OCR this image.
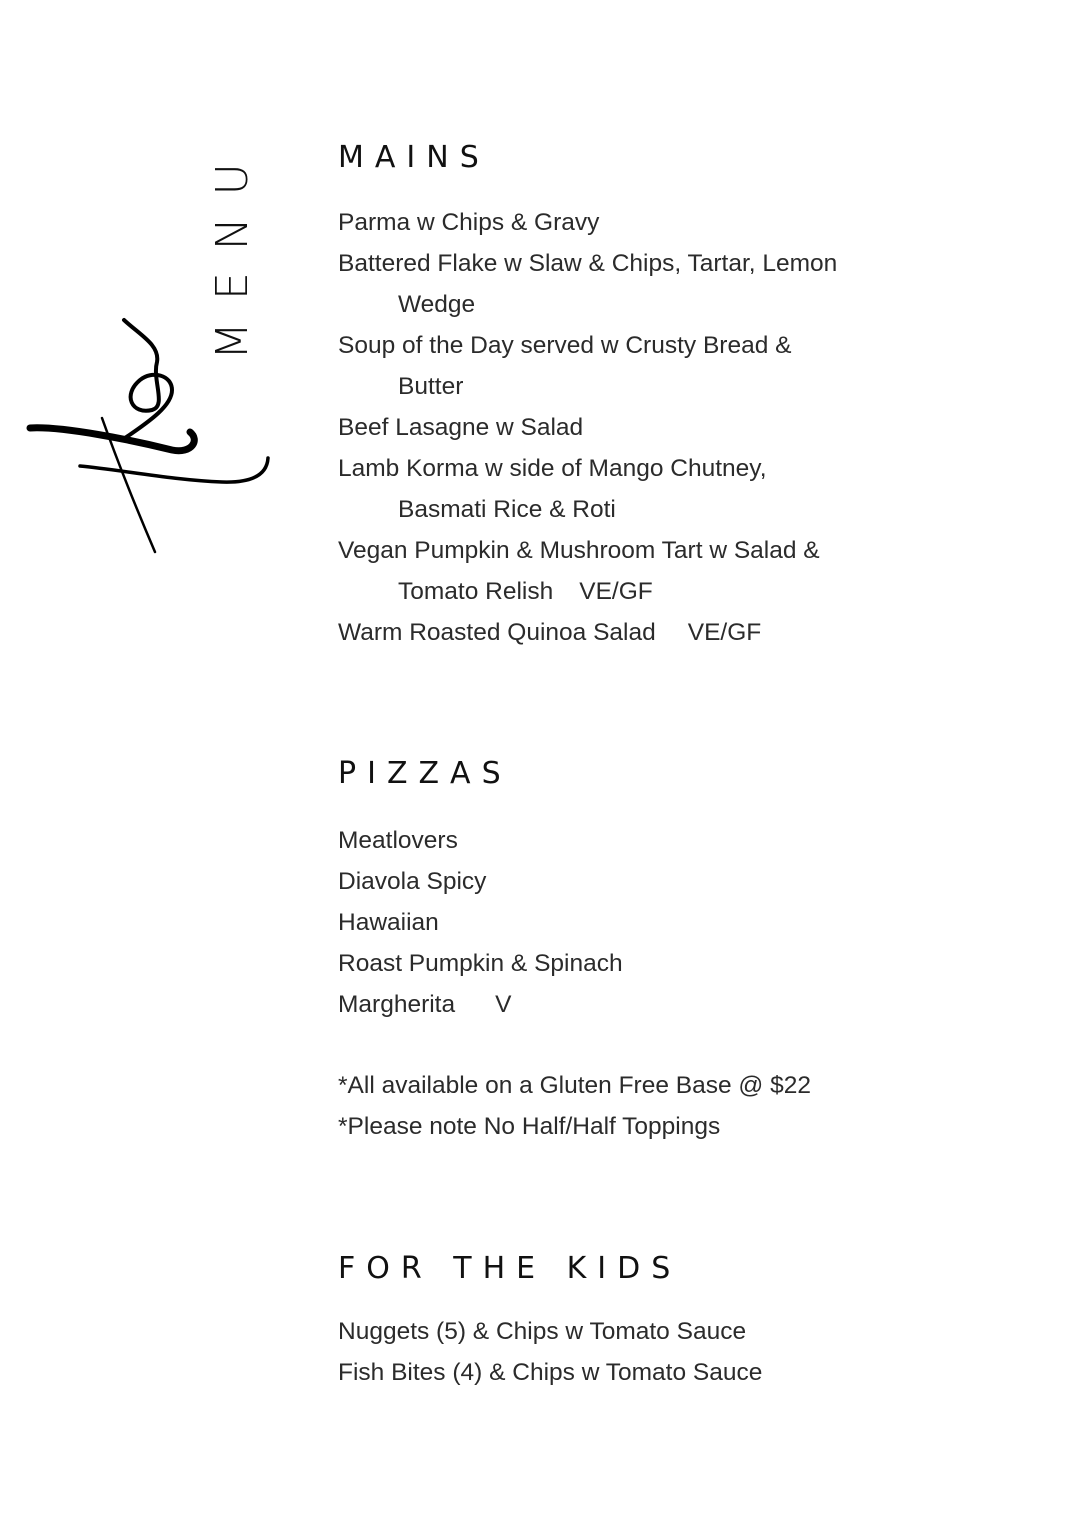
MENU	MAINS
Parma w Chips & Gravy
Battered Flake w Slaw & Chips, Tartar, Lemon
Wedge
Soup of the Day served w Crusty Bread &
Butter
Beef Lasagne w Salad
Lamb Korma w side of Mango Chutney,
Basmati Rice & Roti
Vegan Pumpkin & Mushroom Tart w Salad &
Tomato Relish VE/GF
Warm Roasted Quinoa Salad VE/GF
PIZZAS
Meatlovers
Diavola Spicy
Hawaiian
Roast Pumpkin & Spinach
Margherita V
*All available on a Gluten Free Base @ $22
*Please note No Half/Half Toppings
FOR THE KIDS
Nuggets (5) & Chips w Tomato Sauce
Fish Bites (4) & Chips w Tomato Sauce
